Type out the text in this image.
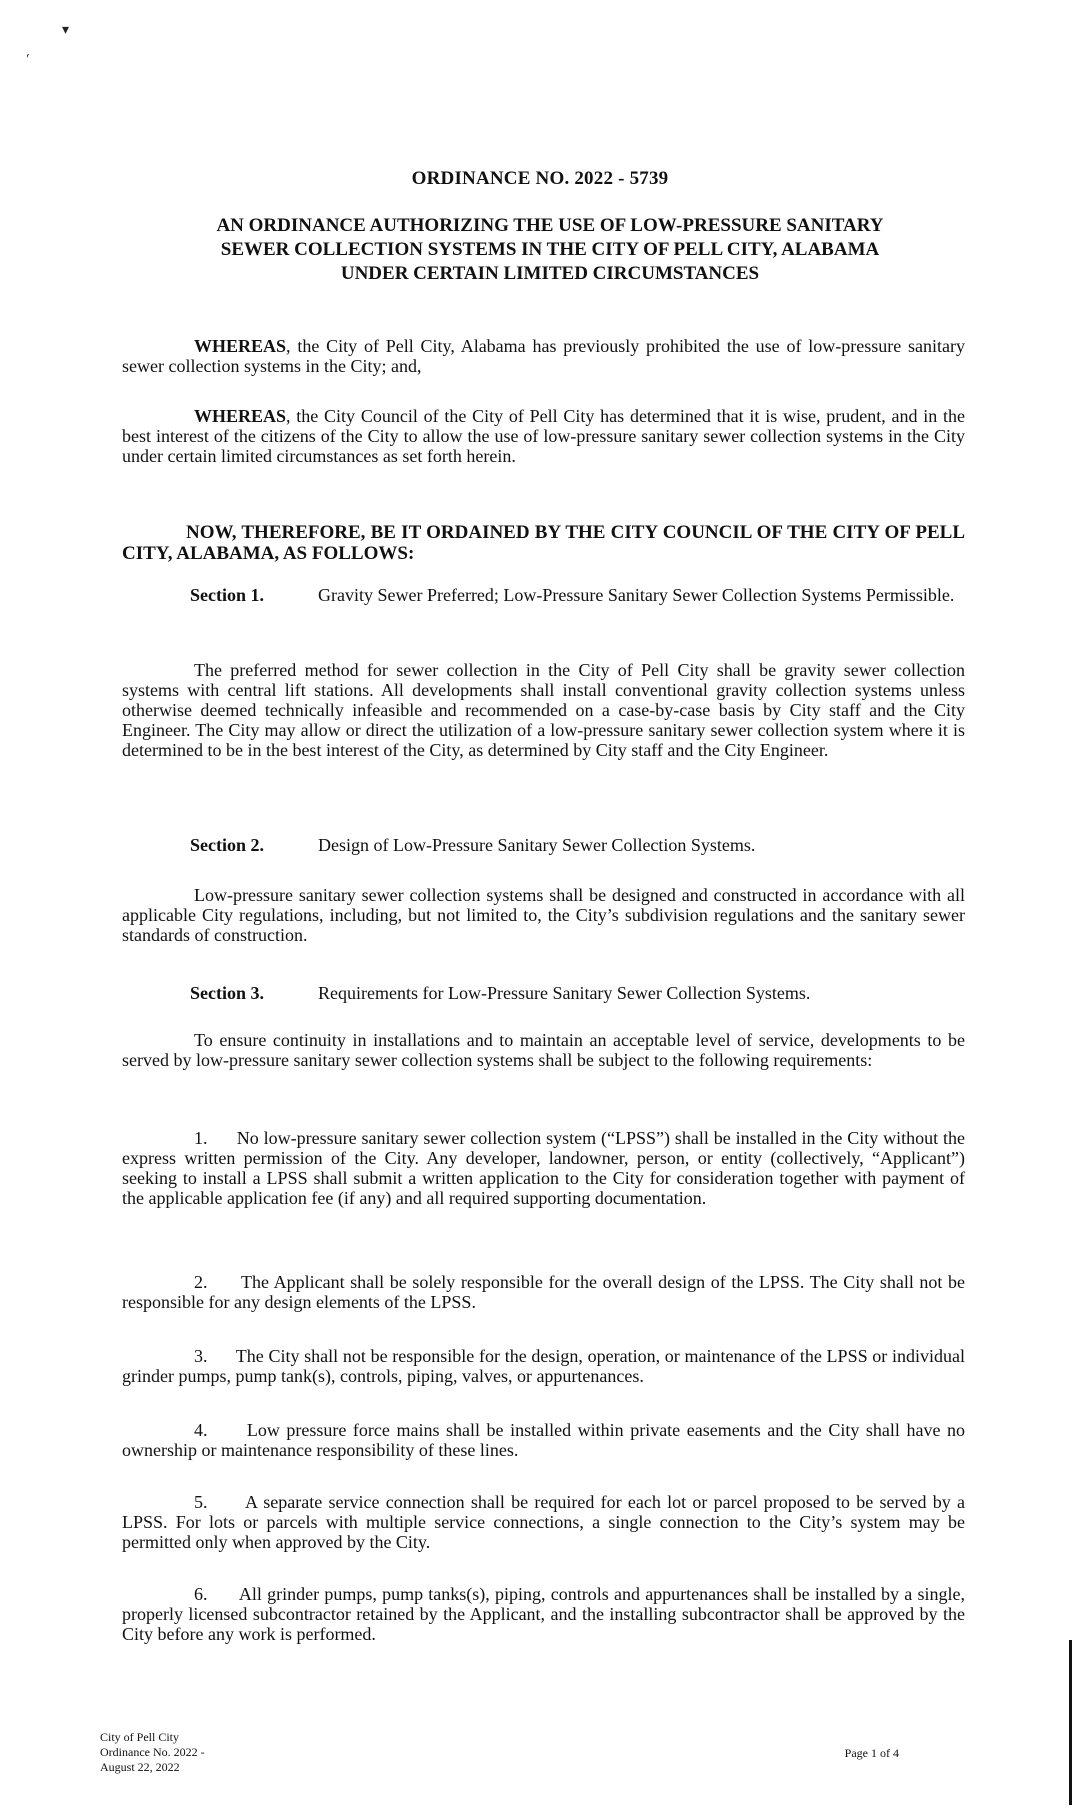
▾
´
ORDINANCE NO. 2022 - 5739
AN ORDINANCE AUTHORIZING THE USE OF LOW-PRESSURE SANITARY SEWER COLLECTION SYSTEMS IN THE CITY OF PELL CITY, ALABAMA UNDER CERTAIN LIMITED CIRCUMSTANCES
WHEREAS, the City of Pell City, Alabama has previously prohibited the use of low-pressure sanitary sewer collection systems in the City; and,
WHEREAS, the City Council of the City of Pell City has determined that it is wise, prudent, and in the best interest of the citizens of the City to allow the use of low-pressure sanitary sewer collection systems in the City under certain limited circumstances as set forth herein.
NOW, THEREFORE, BE IT ORDAINED BY THE CITY COUNCIL OF THE CITY OF PELL CITY, ALABAMA, AS FOLLOWS:
Section 1.	Gravity Sewer Preferred; Low-Pressure Sanitary Sewer Collection Systems Permissible.
The preferred method for sewer collection in the City of Pell City shall be gravity sewer collection systems with central lift stations. All developments shall install conventional gravity collection systems unless otherwise deemed technically infeasible and recommended on a case-by-case basis by City staff and the City Engineer. The City may allow or direct the utilization of a low-pressure sanitary sewer collection system where it is determined to be in the best interest of the City, as determined by City staff and the City Engineer.
Section 2.	Design of Low-Pressure Sanitary Sewer Collection Systems.
Low-pressure sanitary sewer collection systems shall be designed and constructed in accordance with all applicable City regulations, including, but not limited to, the City’s subdivision regulations and the sanitary sewer standards of construction.
Section 3.	Requirements for Low-Pressure Sanitary Sewer Collection Systems.
To ensure continuity in installations and to maintain an acceptable level of service, developments to be served by low-pressure sanitary sewer collection systems shall be subject to the following requirements:
1. No low-pressure sanitary sewer collection system (“LPSS”) shall be installed in the City without the express written permission of the City. Any developer, landowner, person, or entity (collectively, “Applicant”) seeking to install a LPSS shall submit a written application to the City for consideration together with payment of the applicable application fee (if any) and all required supporting documentation.
2. The Applicant shall be solely responsible for the overall design of the LPSS. The City shall not be responsible for any design elements of the LPSS.
3. The City shall not be responsible for the design, operation, or maintenance of the LPSS or individual grinder pumps, pump tank(s), controls, piping, valves, or appurtenances.
4. Low pressure force mains shall be installed within private easements and the City shall have no ownership or maintenance responsibility of these lines.
5. A separate service connection shall be required for each lot or parcel proposed to be served by a LPSS. For lots or parcels with multiple service connections, a single connection to the City’s system may be permitted only when approved by the City.
6. All grinder pumps, pump tanks(s), piping, controls and appurtenances shall be installed by a single, properly licensed subcontractor retained by the Applicant, and the installing subcontractor shall be approved by the City before any work is performed.
City of Pell City
Ordinance No. 2022 -
August 22, 2022
Page 1 of 4
